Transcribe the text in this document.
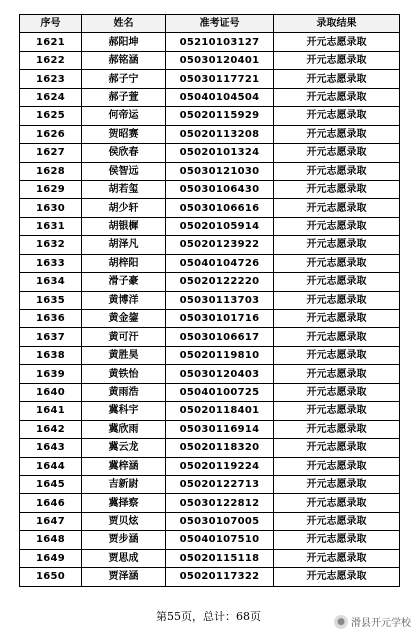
序号	姓名	准考证号	录取结果
1621	郝阳坤	05210103127	开元志愿录取
1622	郝铭涵	05030120401	开元志愿录取
1623	郝子宁	05030117721	开元志愿录取
1624	郝子萱	05040104504	开元志愿录取
1625	何帝运	05020115929	开元志愿录取
1626	贺昭赛	05020113208	开元志愿录取
1627	侯欣春	05020101324	开元志愿录取
1628	侯智远	05030121030	开元志愿录取
1629	胡若玺	05030106430	开元志愿录取
1630	胡少轩	05030106616	开元志愿录取
1631	胡银樨	05020105914	开元志愿录取
1632	胡泽凡	05020123922	开元志愿录取
1633	胡梓阳	05040104726	开元志愿录取
1634	滑子豪	05020122220	开元志愿录取
1635	黄博洋	05030113703	开元志愿录取
1636	黄金鋆	05030101716	开元志愿录取
1637	黄可汗	05030106617	开元志愿录取
1638	黄胜昊	05020119810	开元志愿录取
1639	黄铁怡	05030120403	开元志愿录取
1640	黄雨浩	05040100725	开元志愿录取
1641	冀科宇	05020118401	开元志愿录取
1642	冀欣雨	05030116914	开元志愿录取
1643	冀云龙	05020118320	开元志愿录取
1644	冀梓涵	05020119224	开元志愿录取
1645	吉新尉	05020122713	开元志愿录取
1646	冀择察	05030122812	开元志愿录取
1647	贾贝炫	05030107005	开元志愿录取
1648	贾步涵	05040107510	开元志愿录取
1649	贾思成	05020115118	开元志愿录取
1650	贾泽涵	05020117322	开元志愿录取
第55页，总计：68页	● 滑县开元学校
